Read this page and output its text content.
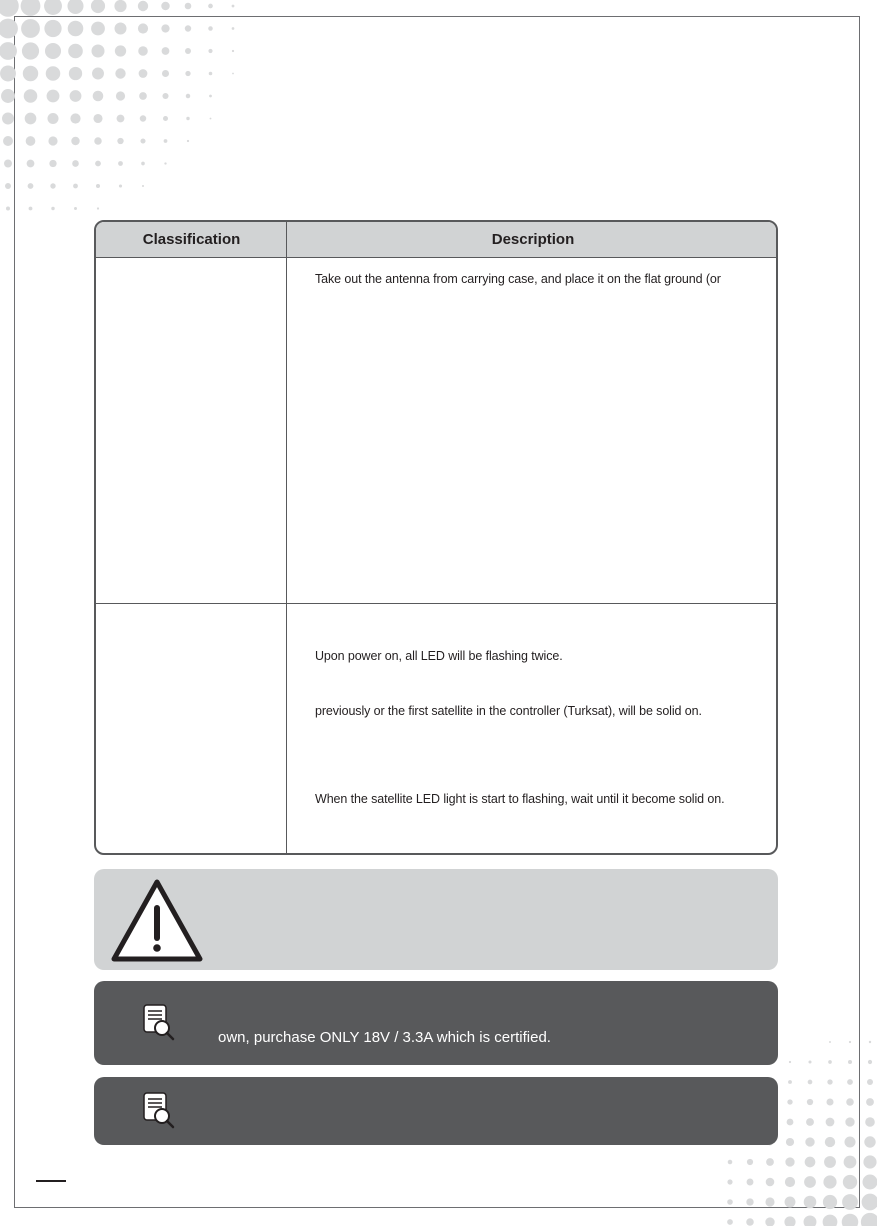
Classification	Description
Take out the antenna from carrying case, and place it on the flat ground (or
Upon power on, all LED will be flashing twice.
previously or the first satellite in the controller (Turksat), will be solid on.
When the satellite LED light is start to flashing, wait until it become solid on.
own, purchase ONLY 18V / 3.3A which is certified.
